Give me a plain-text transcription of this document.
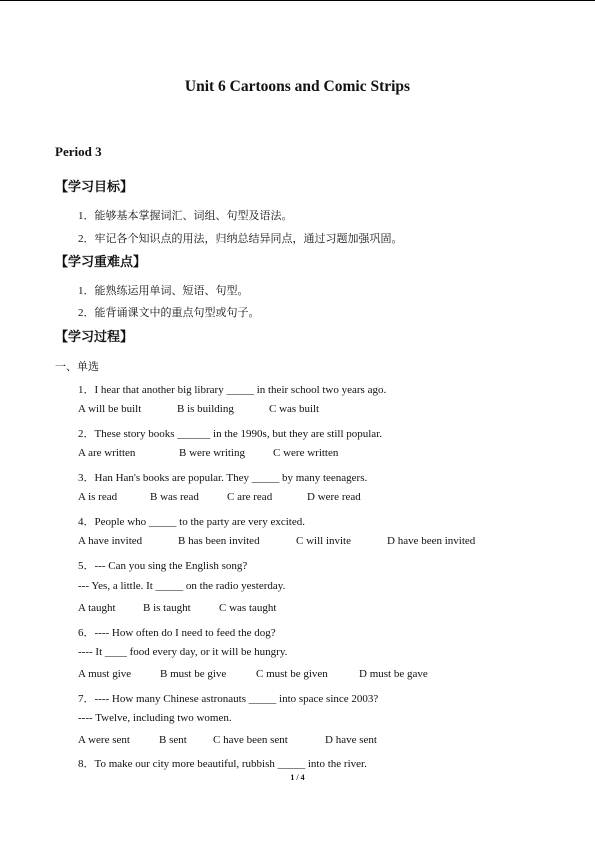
Unit 6 Cartoons and Comic Strips
Period 3
【学习目标】
1．能够基本掌握词汇、词组、句型及语法。
2．牢记各个知识点的用法，归纳总结异同点，通过习题加强巩固。
【学习重难点】
1．能熟练运用单词、短语、句型。
2．能背诵课文中的重点句型或句子。
【学习过程】
一、单选
1．I hear that another big library _____ in their school two years ago.
A will be built	B is building	C was built
2．These story books ______ in the 1990s, but they are still popular.
A are written	B were writing	C were written
3．Han Han's books are popular. They _____ by many teenagers.
A is read	B was read	C are read	D were read
4．People who _____ to the party are very excited.
A have invited	B has been invited	C will invite	D have been invited
5．--- Can you sing the English song?
--- Yes, a little. It _____ on the radio yesterday.
A taught B is taught	C was taught
6．---- How often do I need to feed the dog?
---- It ____ food every day, or it will be hungry.
A must give	B must be give	C must be given	D must be gave
7．---- How many Chinese astronauts _____ into space since 2003?
---- Twelve, including two women.
A were sent	B sent C have been sent	D have sent
8．To make our city more beautiful, rubbish _____ into the river.
1 / 4
